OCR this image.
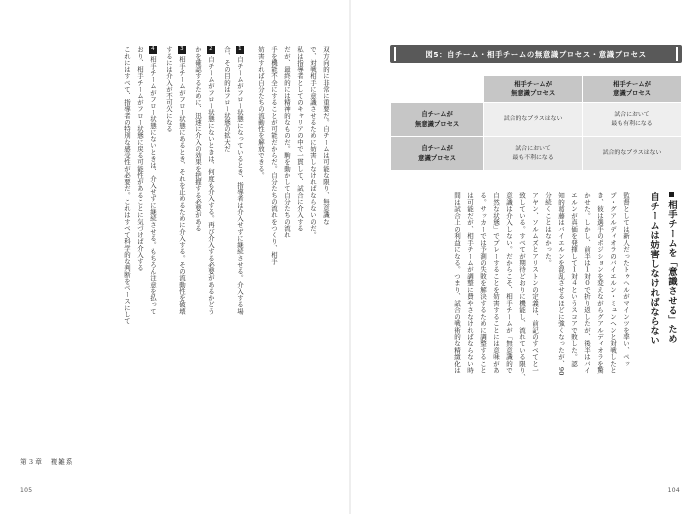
双方向的に非常に重要だ。自チームは可能な限り、無意識な
で、対戦相手に意識させるために妨害しなければならないのだ。
私は指導者としてのキャリアの中で一貫して、試合に介入する
だが、最終的には精神的なものだ。駒を動かして自分たちの流れ
手を機能不全にすることが可能だからだ。自分たちの流れをつくり、相手
妨害すれば自分たちの流動性を解放できる。
1自チームがフロー状態になっているとき、指導者は介入せずに継続させる。介入する場
合、その目的はフロー状態の拡大だ
2自チームがフロー状態にないときは、何度も介入する。再び介入する必要があるかどう
かを確認するために、迅速に介入の効果を把握する必要がある
3相手チームがフロー状態にあるとき、それを止めるために介入する。その流動性を破壊
するには介入が不可欠になる
4相手チームがフロー状態にないときは、介入せずに継続させる。もちろん注意を払って
おり、相手チームがフロー状態に戻る可能性があることに気づけば介入する
これにはすべて、指導者の特別な感受性が必要だ。これはすべて科学的な判断をベースにして
第３章　複雑系
105
図5：自チーム・相手チームの無意識プロセス・意識プロセス

	相手チームが
無意識プロセス	相手チームが
意識プロセス

自チームが
無意識プロセス	試合的なプラスはない	試合において
最も有利になる

自チームが
意識プロセス	試合において
最も不利になる	試合的なプラスはない
相手チームを「意識させる」ため
自チームは妨害しなければならない
監督としては新人だったトゥヘルがマインツを率い、ペッ
プ・グアルディオラのバイエルン・ミュンヘンと対戦したと
き、彼は選手のポジションを変えながらグアルディオラを驚
かせた。しかし、前半は１対０で折り返したが、後半はバイ
エルンが真価を発揮して１対４というスコアで敗した。認
知的葛藤はバイエルンを混乱させるほどに強くなったが、90
分続くことはなかった。
アヤン、ソルムズとアリストンの定義は、前記のすべてと一
致している。すべてが期待どおりに機能し、流れている限り、
意識は介入しない。だからこそ、相手チームが「無意識的で
自然な状態」でプレーすることを妨害することには意味があ
る。サッカーでは予測の失敗を解決するために調整すること
は可能だが、相手チームが調整に費やさなければならない時
間は試合上の利益になる。つまり、試合の戦術的な精緻化は
104
